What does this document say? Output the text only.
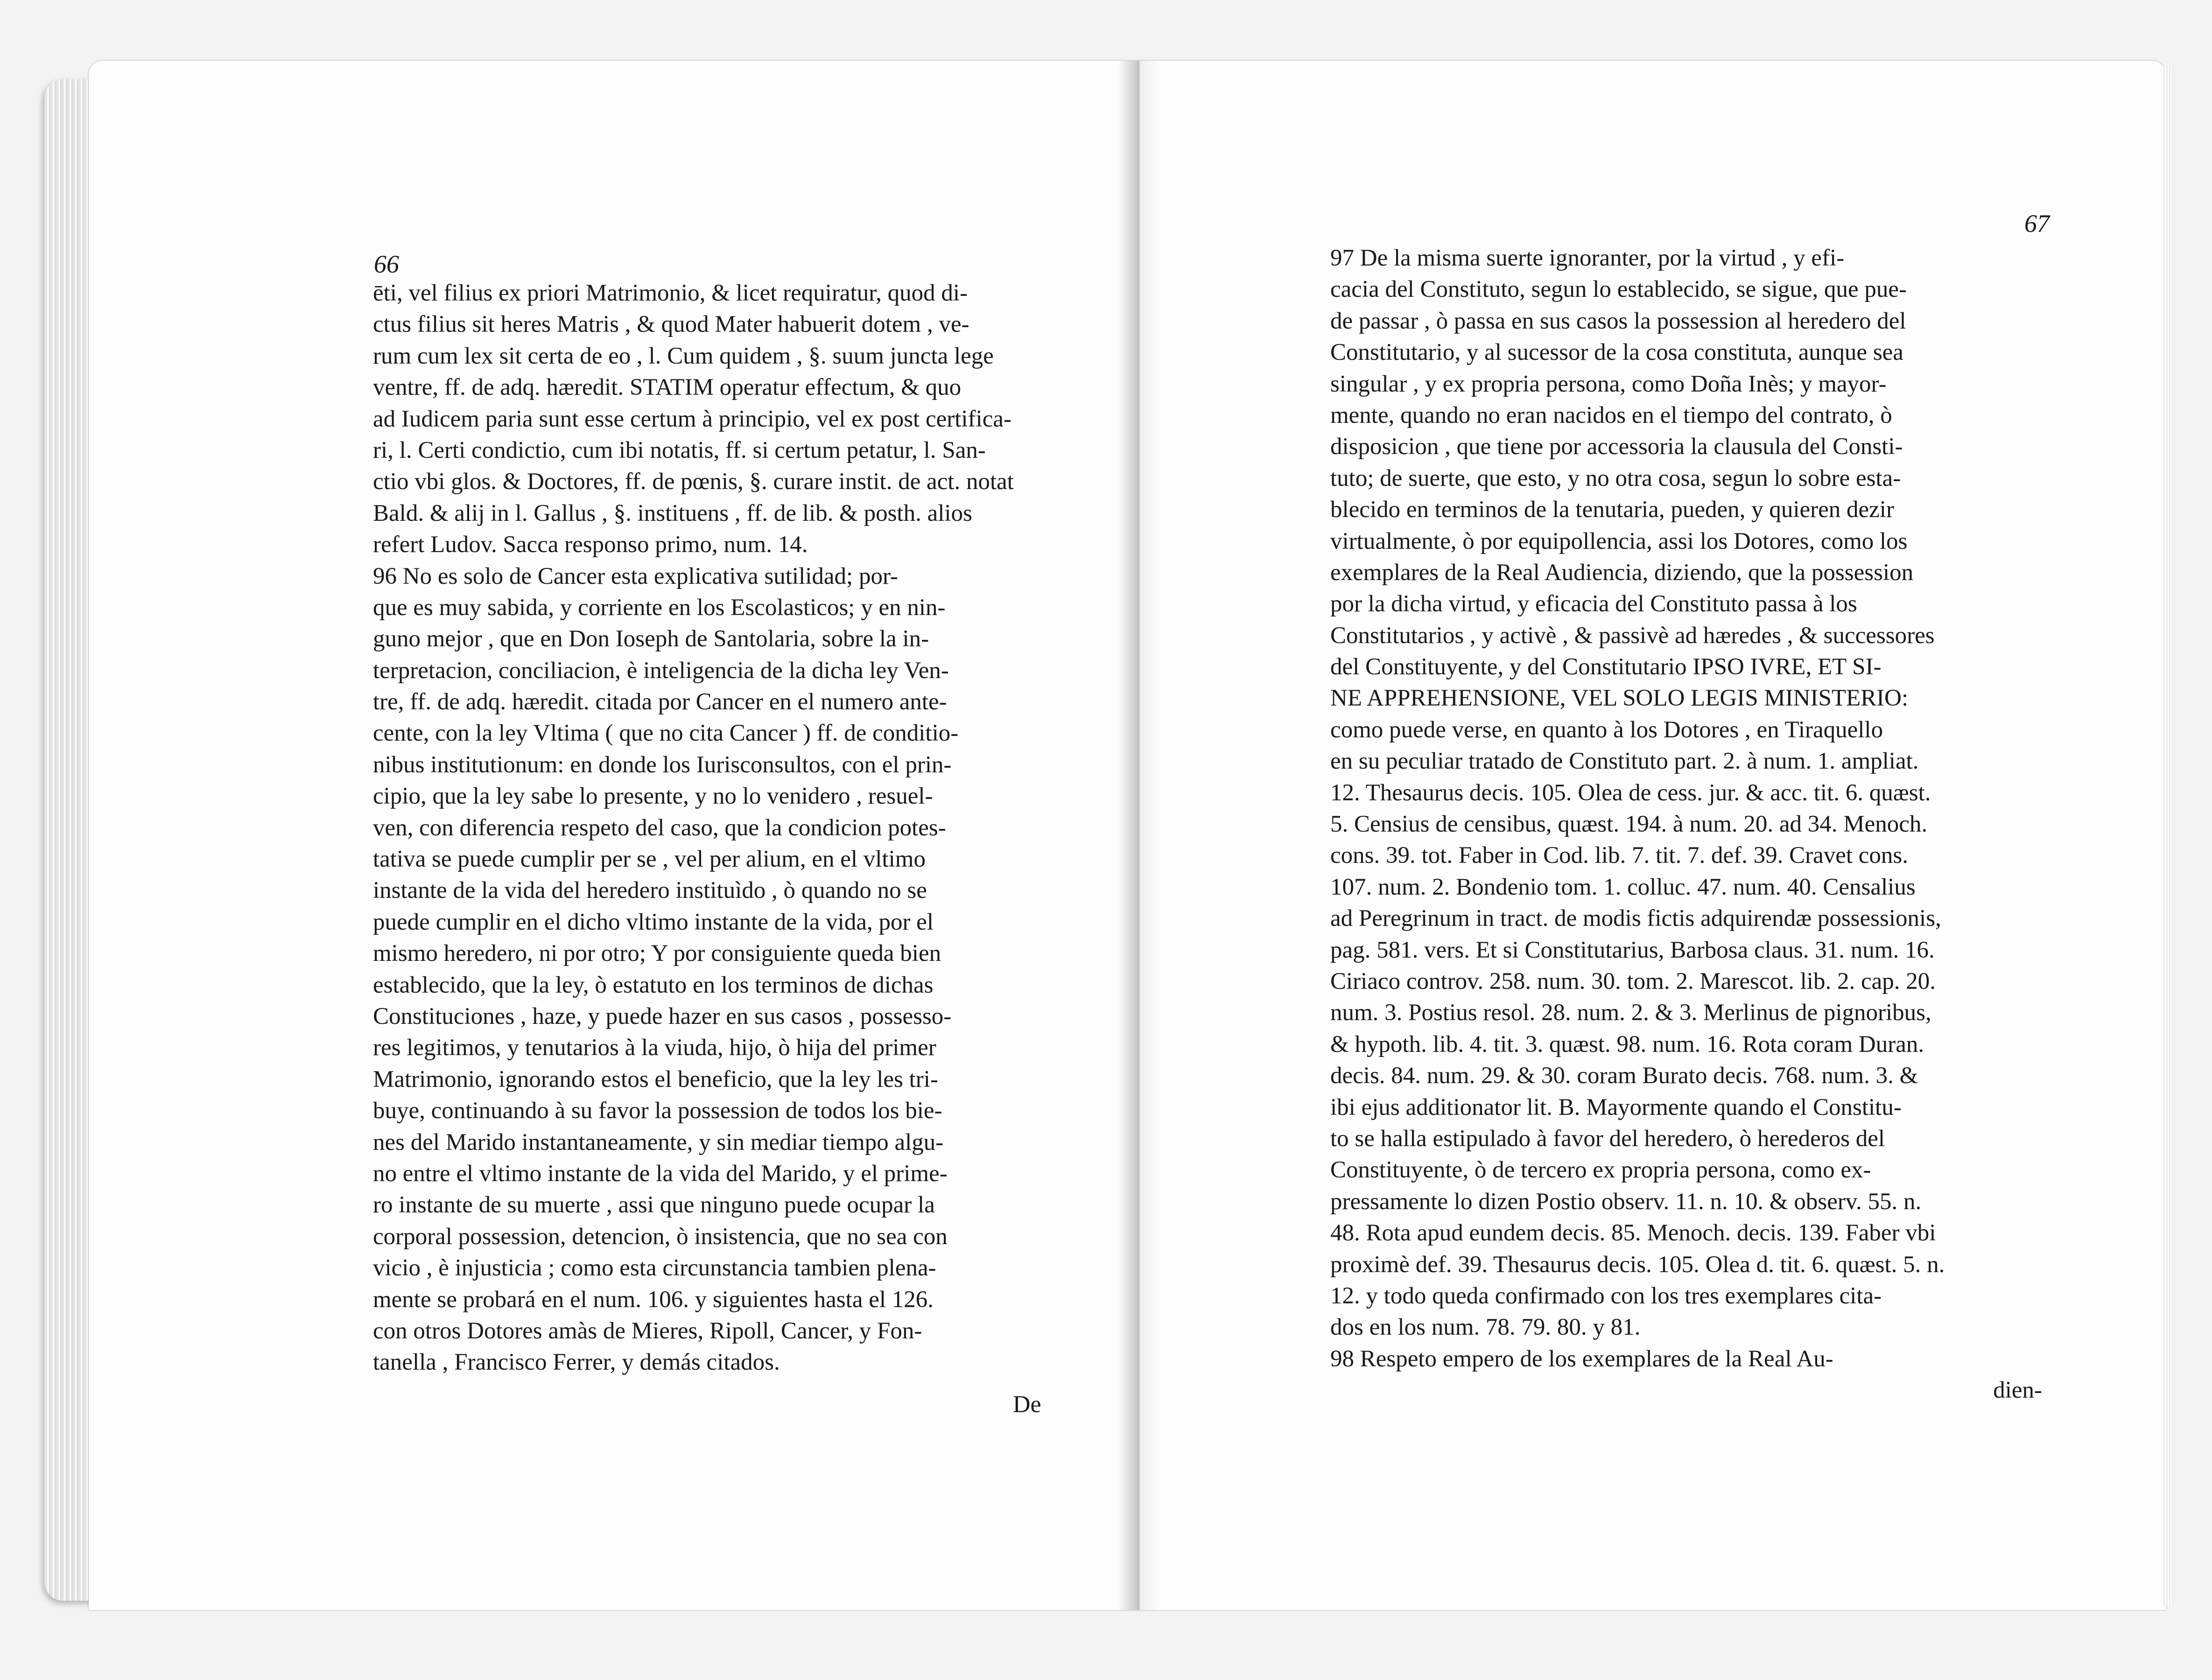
66
ēti, vel filius ex priori Matrimonio, & licet requiratur, quod di-
ctus filius sit heres Matris , & quod Mater habuerit dotem , ve-
rum cum lex sit certa de eo , l. Cum quidem , §. suum juncta lege
ventre, ff. de adq. hæredit. STATIM operatur effectum, & quo
ad Iudicem paria sunt esse certum à principio, vel ex post certifica-
ri, l. Certi condictio, cum ibi notatis, ff. si certum petatur, l. San-
ctio vbi glos. & Doctores, ff. de pœnis, §. curare instit. de act. notat
Bald. & alij in l. Gallus , §. instituens , ff. de lib. & posth. alios
refert Ludov. Sacca responso primo, num. 14.
96 No es solo de Cancer esta explicativa sutilidad; por-
que es muy sabida, y corriente en los Escolasticos; y en nin-
guno mejor , que en Don Ioseph de Santolaria, sobre la in-
terpretacion, conciliacion, è inteligencia de la dicha ley Ven-
tre, ff. de adq. hæredit. citada por Cancer en el numero ante-
cente, con la ley Vltima ( que no cita Cancer ) ff. de conditio-
nibus institutionum: en donde los Iurisconsultos, con el prin-
cipio, que la ley sabe lo presente, y no lo venidero , resuel-
ven, con diferencia respeto del caso, que la condicion potes-
tativa se puede cumplir per se , vel per alium, en el vltimo
instante de la vida del heredero instituìdo , ò quando no se
puede cumplir en el dicho vltimo instante de la vida, por el
mismo heredero, ni por otro; Y por consiguiente queda bien
establecido, que la ley, ò estatuto en los terminos de dichas
Constituciones , haze, y puede hazer en sus casos , possesso-
res legitimos, y tenutarios à la viuda, hijo, ò hija del primer
Matrimonio, ignorando estos el beneficio, que la ley les tri-
buye, continuando à su favor la possession de todos los bie-
nes del Marido instantaneamente, y sin mediar tiempo algu-
no entre el vltimo instante de la vida del Marido, y el prime-
ro instante de su muerte , assi que ninguno puede ocupar la
corporal possession, detencion, ò insistencia, que no sea con
vicio , è injusticia ; como esta circunstancia tambien plena-
mente se probará en el num. 106. y siguientes hasta el 126.
con otros Dotores amàs de Mieres, Ripoll, Cancer, y Fon-
tanella , Francisco Ferrer, y demás citados.
De
67
97 De la misma suerte ignoranter, por la virtud , y efi-
cacia del Constituto, segun lo establecido, se sigue, que pue-
de passar , ò passa en sus casos la possession al heredero del
Constitutario, y al sucessor de la cosa constituta, aunque sea
singular , y ex propria persona, como Doña Inès; y mayor-
mente, quando no eran nacidos en el tiempo del contrato, ò
disposicion , que tiene por accessoria la clausula del Consti-
tuto; de suerte, que esto, y no otra cosa, segun lo sobre esta-
blecido en terminos de la tenutaria, pueden, y quieren dezir
virtualmente, ò por equipollencia, assi los Dotores, como los
exemplares de la Real Audiencia, diziendo, que la possession
por la dicha virtud, y eficacia del Constituto passa à los
Constitutarios , y activè , & passivè ad hæredes , & successores
del Constituyente, y del Constitutario IPSO IVRE, ET SI-
NE APPREHENSIONE, VEL SOLO LEGIS MINISTERIO:
como puede verse, en quanto à los Dotores , en Tiraquello
en su peculiar tratado de Constituto part. 2. à num. 1. ampliat.
12. Thesaurus decis. 105. Olea de cess. jur. & acc. tit. 6. quæst.
5. Censius de censibus, quæst. 194. à num. 20. ad 34. Menoch.
cons. 39. tot. Faber in Cod. lib. 7. tit. 7. def. 39. Cravet cons.
107. num. 2. Bondenio tom. 1. colluc. 47. num. 40. Censalius
ad Peregrinum in tract. de modis fictis adquirendæ possessionis,
pag. 581. vers. Et si Constitutarius, Barbosa claus. 31. num. 16.
Ciriaco controv. 258. num. 30. tom. 2. Marescot. lib. 2. cap. 20.
num. 3. Postius resol. 28. num. 2. & 3. Merlinus de pignoribus,
& hypoth. lib. 4. tit. 3. quæst. 98. num. 16. Rota coram Duran.
decis. 84. num. 29. & 30. coram Burato decis. 768. num. 3. &
ibi ejus additionator lit. B. Mayormente quando el Constitu-
to se halla estipulado à favor del heredero, ò herederos del
Constituyente, ò de tercero ex propria persona, como ex-
pressamente lo dizen Postio observ. 11. n. 10. & observ. 55. n.
48. Rota apud eundem decis. 85. Menoch. decis. 139. Faber vbi
proximè def. 39. Thesaurus decis. 105. Olea d. tit. 6. quæst. 5. n.
12. y todo queda confirmado con los tres exemplares cita-
dos en los num. 78. 79. 80. y 81.
98 Respeto empero de los exemplares de la Real Au-
dien-
